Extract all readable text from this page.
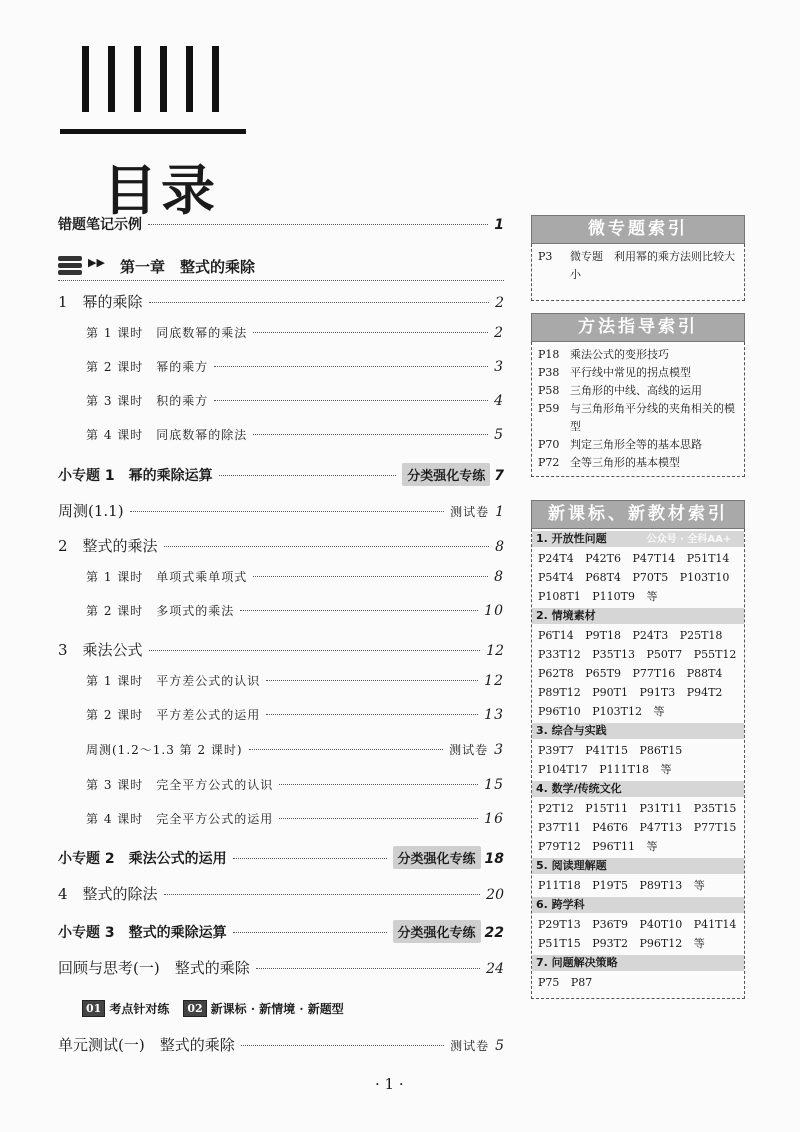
目录
错题笔记示例	1
▶▶ 第一章　整式的乘除
1　幂的乘除	2
第 1 课时　同底数幂的乘法	2
第 2 课时　幂的乘方	3
第 3 课时　积的乘方	4
第 4 课时　同底数幂的除法	5
小专题 1　幂的乘除运算	分类强化专练 7
周测(1.1)	测试卷 1
2　整式的乘法	8
第 1 课时　单项式乘单项式	8
第 2 课时　多项式的乘法	10
3　乘法公式	12
第 1 课时　平方差公式的认识	12
第 2 课时　平方差公式的运用	13
周测(1.2～1.3 第 2 课时)	测试卷 3
第 3 课时　完全平方公式的认识	15
第 4 课时　完全平方公式的运用	16
小专题 2　乘法公式的运用	分类强化专练 18
4　整式的除法	20
小专题 3　整式的乘除运算	分类强化专练 22
回顾与思考(一)　整式的乘除	24
单元测试(一)　整式的乘除	测试卷 5
01 考点针对练	02 新课标 · 新情境 · 新题型
· 1 ·
微专题索引
P3	微专题　利用幂的乘方法则比较大小
方法指导索引
P18 乘法公式的变形技巧
P38 平行线中常见的拐点模型
P58 三角形的中线、高线的运用
P59 与三角形角平分线的夹角相关的模型
P70 判定三角形全等的基本思路
P72 全等三角形的基本模型
新课标、新教材索引
1. 开放性问题	公众号 · 全科AA+
P24T4 P42T6 P47T14 P51T14 P54T4 P68T4 P70T5 P103T10 P108T1 P110T9 等
2. 情境素材
P6T14 P9T18 P24T3 P25T18 P33T12 P35T13 P50T7 P55T12 P62T8 P65T9 P77T16 P88T4 P89T12 P90T1 P91T3 P94T2 P96T10 P103T12 等
3. 综合与实践
P39T7 P41T15 P86T15 P104T17 P111T18 等
4. 数学/传统文化
P2T12 P15T11 P31T11 P35T15 P37T11 P46T6 P47T13 P77T15 P79T12 P96T11 等
5. 阅读理解题
P11T18 P19T5 P89T13 等
6. 跨学科
P29T13 P36T9 P40T10 P41T14 P51T15 P93T2 P96T12 等
7. 问题解决策略
P75 P87
